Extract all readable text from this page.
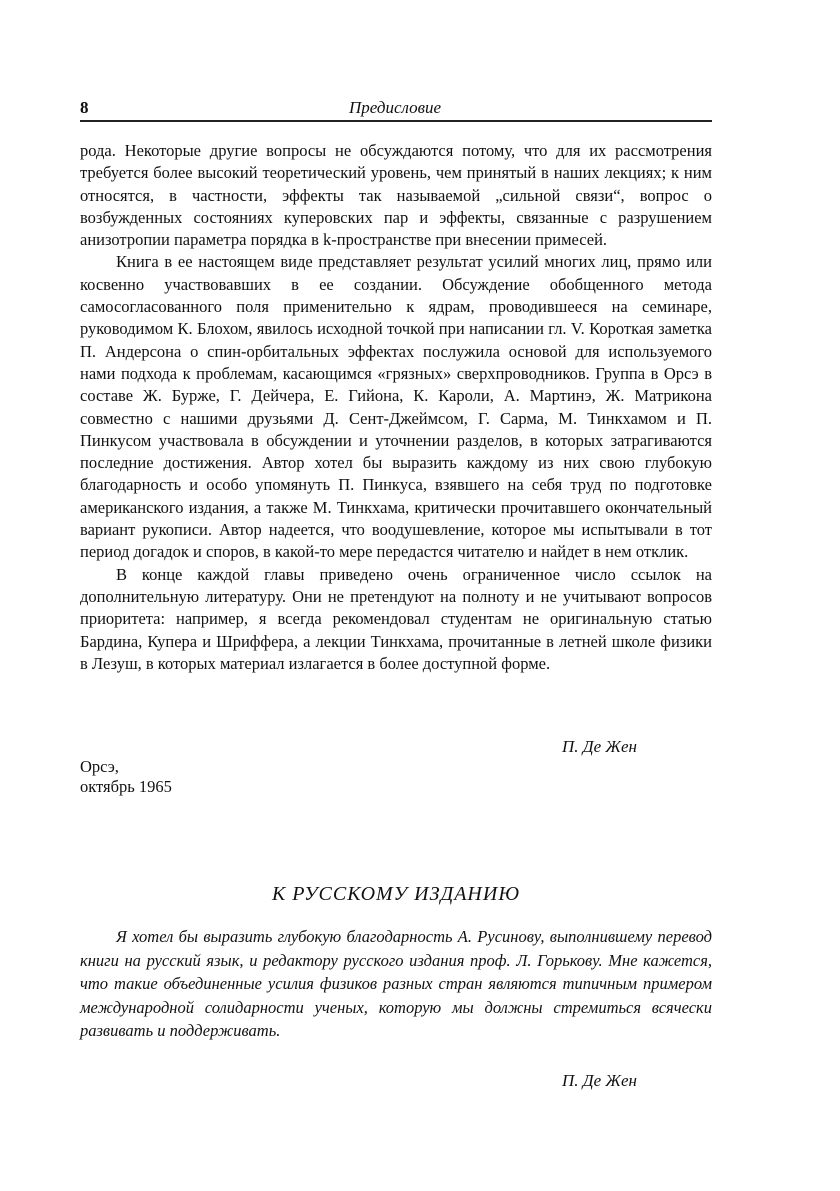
8	Предисловие

рода. Некоторые другие вопросы не обсуждаются потому, что для их рассмотрения требуется более высокий теоретический уровень, чем принятый в наших лекциях; к ним относятся, в частности, эффекты так называемой „сильной связи“, вопрос о возбужденных состояниях куперовских пар и эффекты, связанные с разрушением анизотропии параметра порядка в k-пространстве при внесении примесей.

Книга в ее настоящем виде представляет результат усилий многих лиц, прямо или косвенно участвовавших в ее создании. Обсуждение обобщенного метода самосогласованного поля применительно к ядрам, проводившееся на семинаре, руководимом К. Блохом, явилось исходной точкой при написании гл. V. Короткая заметка П. Андерсона о спин-орбитальных эффектах послужила основой для используемого нами подхода к проблемам, касающимся «грязных» сверхпроводников. Группа в Орсэ в составе Ж. Бурже, Г. Дейчера, Е. Гийона, К. Кароли, А. Мартинэ, Ж. Матрикона совместно с нашими друзьями Д. Сент-Джеймсом, Г. Сарма, М. Тинкхамом и П. Пинкусом участвовала в обсуждении и уточнении разделов, в которых затрагиваются последние достижения. Автор хотел бы выразить каждому из них свою глубокую благодарность и особо упомянуть П. Пинкуса, взявшего на себя труд по подготовке американского издания, а также М. Тинкхама, критически прочитавшего окончательный вариант рукописи. Автор надеется, что воодушевление, которое мы испытывали в тот период догадок и споров, в какой-то мере передастся читателю и найдет в нем отклик.

В конце каждой главы приведено очень ограниченное число ссылок на дополнительную литературу. Они не претендуют на полноту и не учитывают вопросов приоритета: например, я всегда рекомендовал студентам не оригинальную статью Бардина, Купера и Шриффера, а лекции Тинкхама, прочитанные в летней школе физики в Лезуш, в которых материал излагается в более доступной форме.

П. Де Жен
Орсэ,
октябрь 1965
К РУССКОМУ ИЗДАНИЮ

Я хотел бы выразить глубокую благодарность А. Русинову, выполнившему перевод книги на русский язык, и редактору русского издания проф. Л. Горькову. Мне кажется, что такие объединенные усилия физиков разных стран являются типичным примером международной солидарности ученых, которую мы должны стремиться всячески развивать и поддерживать.

П. Де Жен
